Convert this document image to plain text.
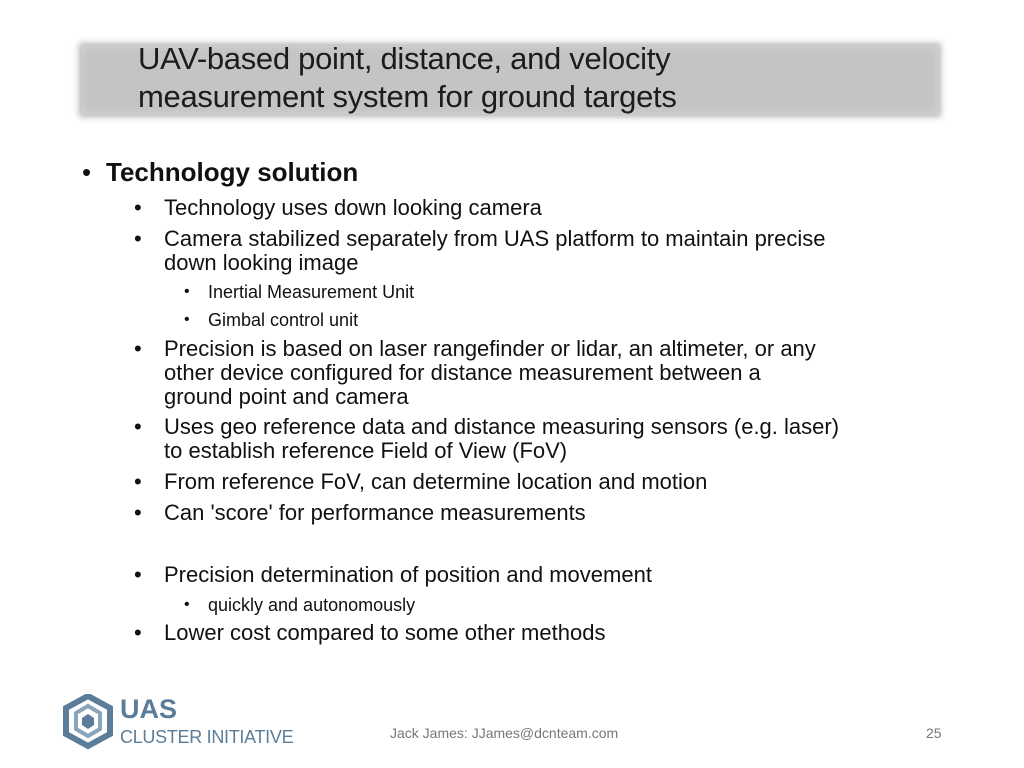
UAV-based point, distance, and velocity
measurement system for ground targets
• Technology solution
• Technology uses down looking camera
• Camera stabilized separately from UAS platform to maintain precise
down looking image
• Inertial Measurement Unit
• Gimbal control unit
• Precision is based on laser rangefinder or lidar, an altimeter, or any
other device configured for distance measurement between a
ground point and camera
• Uses geo reference data and distance measuring sensors (e.g. laser)
to establish reference Field of View (FoV)
• From reference FoV, can determine location and motion
• Can 'score' for performance measurements
• Precision determination of position and movement
• quickly and autonomously
• Lower cost compared to some other methods
UAS
CLUSTER INITIATIVE	Jack James: JJames@dcnteam.com	25
